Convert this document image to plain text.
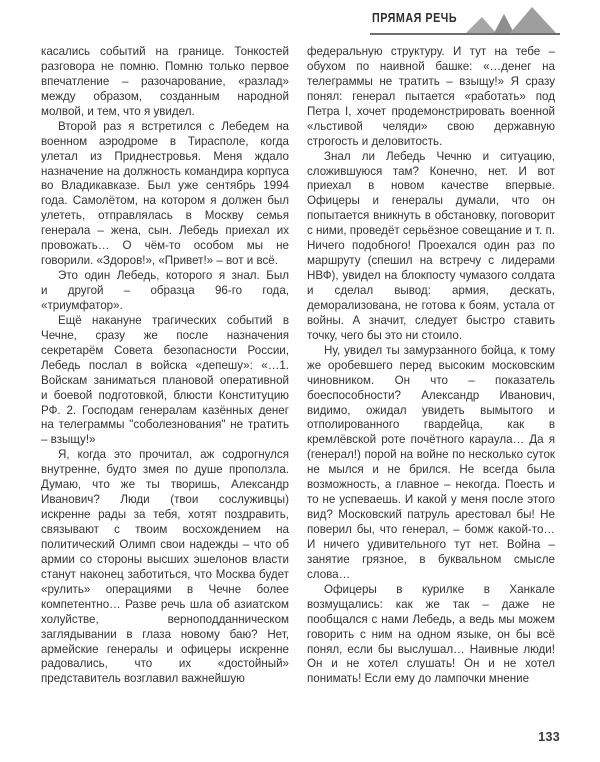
ПРЯМАЯ РЕЧЬ

касались событий на границе. Тонкостей разговора не помню. Помню только первое впечатление – разочарование, «разлад» между образом, созданным народной молвой, и тем, что я увидел.

Второй раз я встретился с Лебедем на военном аэродроме в Тирасполе, когда улетал из Приднестровья. Меня ждало назначение на должность командира корпуса во Владикавказе. Был уже сентябрь 1994 года. Самолётом, на котором я должен был улететь, отправлялась в Москву семья генерала – жена, сын. Лебедь приехал их провожать… О чём-то особом мы не говорили. «Здоров!», «Привет!» – вот и всё.

Это один Лебедь, которого я знал. Был и другой – образца 96-го года, «триумфатор».

Ещё накануне трагических событий в Чечне, сразу же после назначения секретарём Совета безопасности России, Лебедь послал в войска «депешу»: «…1. Войскам заниматься плановой оперативной и боевой подготовкой, блюсти Конституцию РФ. 2. Господам генералам казённых денег на телеграммы "соболезнования" не тратить – взыщу!»

Я, когда это прочитал, аж содрогнулся внутренне, будто змея по душе проползла. Думаю, что же ты творишь, Александр Иванович? Люди (твои сослуживцы) искренне рады за тебя, хотят поздравить, связывают с твоим восхождением на политический Олимп свои надежды – что об армии со стороны высших эшелонов власти станут наконец заботиться, что Москва будет «рулить» операциями в Чечне более компетентно… Разве речь шла об азиатском холуйстве, верноподданническом заглядывании в глаза новому баю? Нет, армейские генералы и офицеры искренне радовались, что их «достойный» представитель возглавил важнейшую

федеральную структуру. И тут на тебе – обухом по наивной башке: «…денег на телеграммы не тратить – взыщу!» Я сразу понял: генерал пытается «работать» под Петра I, хочет продемонстрировать военной «льстивой челяди» свою державную строгость и деловитость.

Знал ли Лебедь Чечню и ситуацию, сложившуюся там? Конечно, нет. И вот приехал в новом качестве впервые. Офицеры и генералы думали, что он попытается вникнуть в обстановку, поговорит с ними, проведёт серьёзное совещание и т. п. Ничего подобного! Проехался один раз по маршруту (спешил на встречу с лидерами НВФ), увидел на блокпосту чумазого солдата и сделал вывод: армия, дескать, деморализована, не готова к боям, устала от войны. А значит, следует быстро ставить точку, чего бы это ни стоило.

Ну, увидел ты замурзанного бойца, к тому же оробевшего перед высоким московским чиновником. Он что – показатель боеспособности? Александр Иванович, видимо, ожидал увидеть вымытого и отполированного гвардейца, как в кремлёвской роте почётного караула… Да я (генерал!) порой на войне по несколько суток не мылся и не брился. Не всегда была возможность, а главное – некогда. Поесть и то не успеваешь. И какой у меня после этого вид? Московский патруль арестовал бы! Не поверил бы, что генерал, – бомж какой-то… И ничего удивительного тут нет. Война – занятие грязное, в буквальном смысле слова…

Офицеры в курилке в Ханкале возмущались: как же так – даже не пообщался с нами Лебедь, а ведь мы можем говорить с ним на одном языке, он бы всё понял, если бы выслушал… Наивные люди! Он и не хотел слушать! Он и не хотел понимать! Если ему до лампочки мнение

133
